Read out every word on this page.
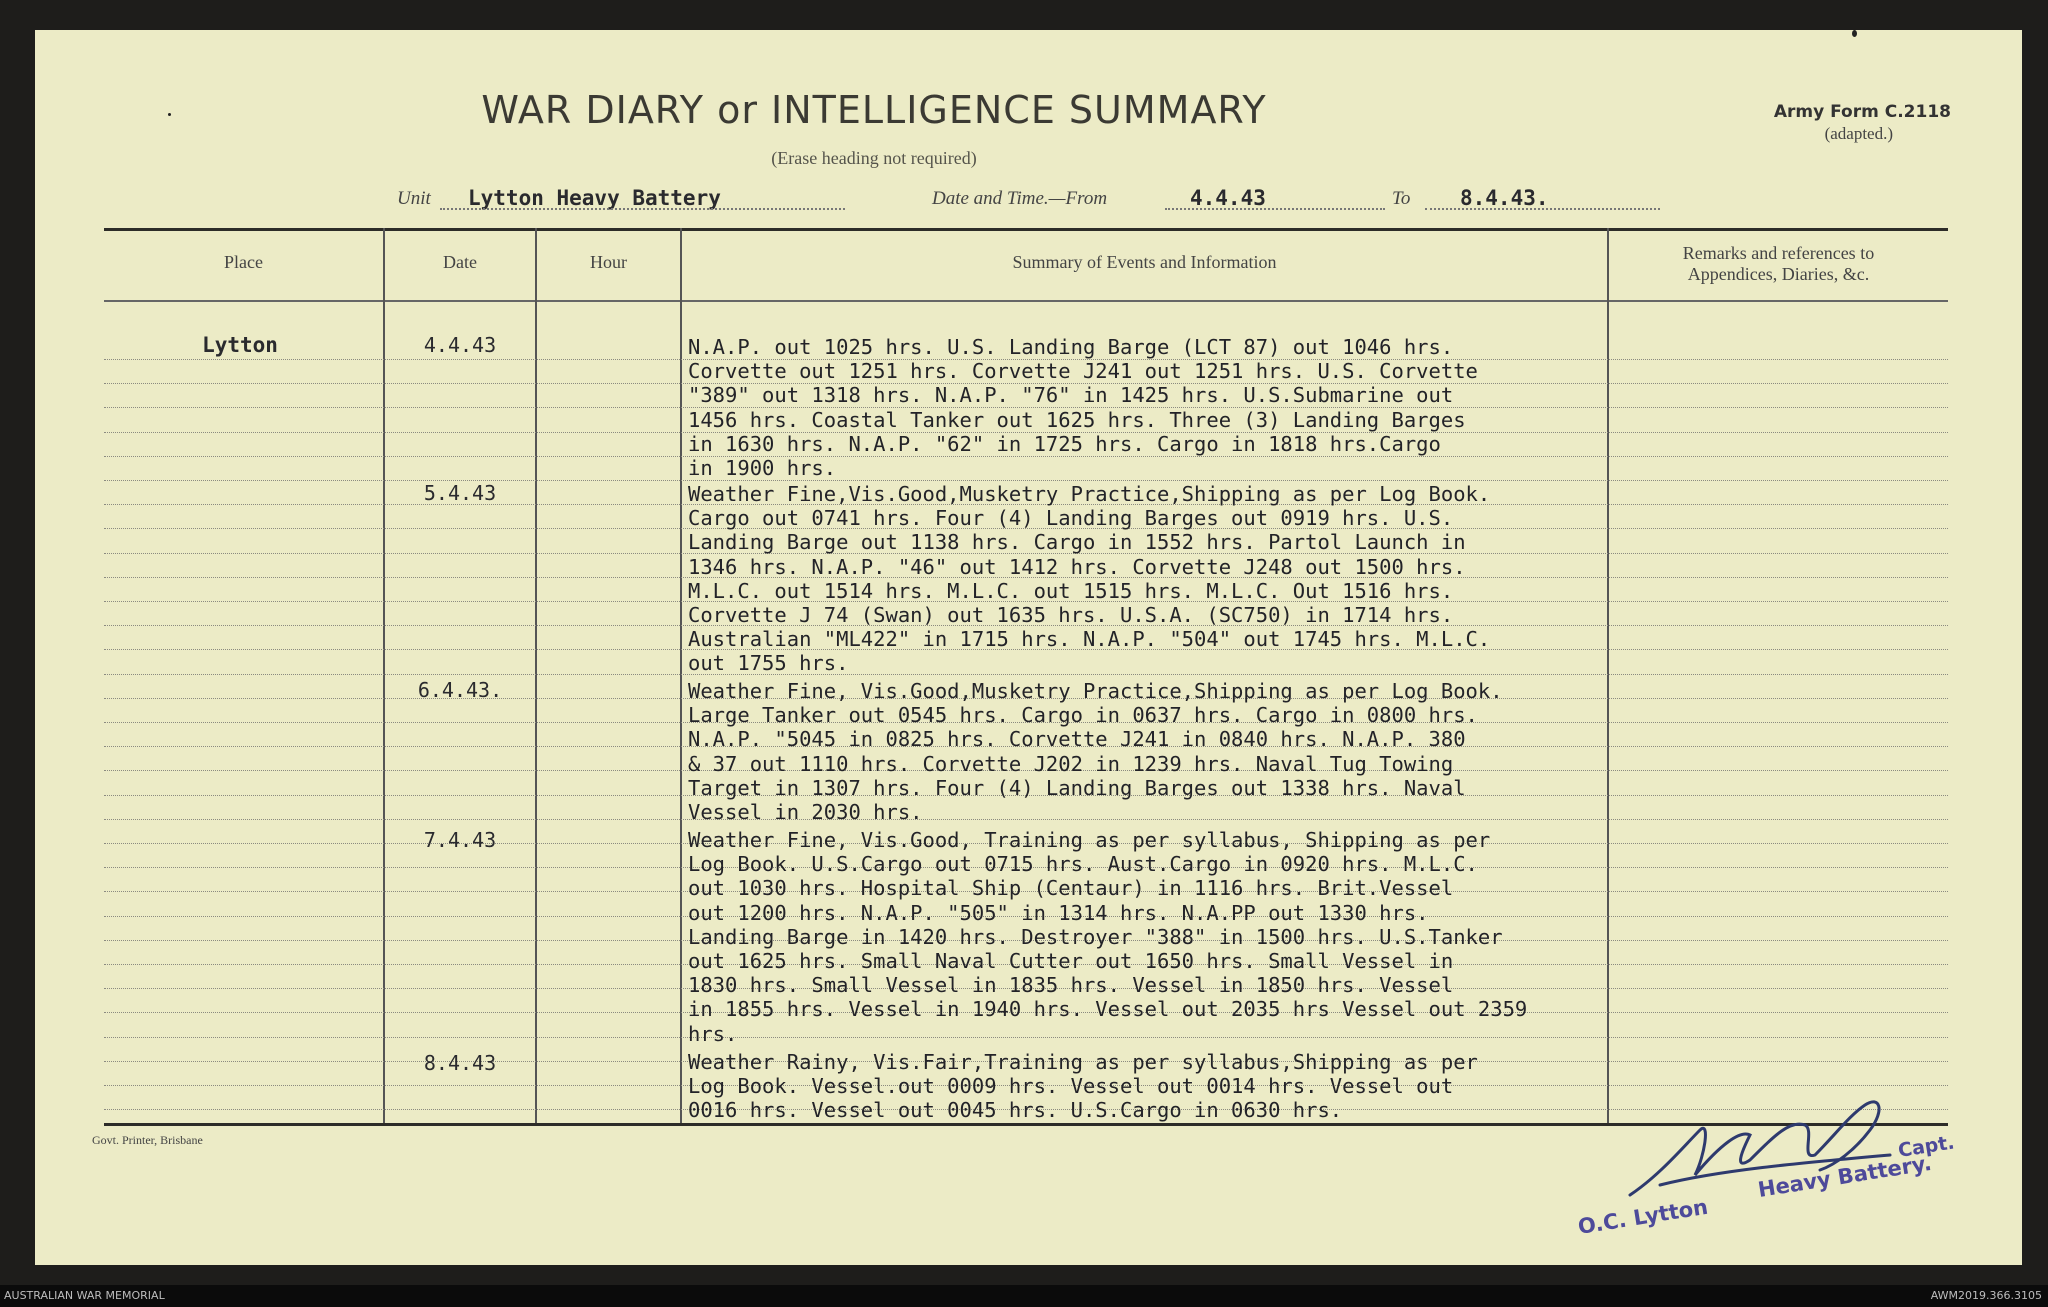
WAR DIARY or INTELLIGENCE SUMMARY
(Erase heading not required)
Army Form C.2118
(adapted.)
Unit Lytton Heavy Battery	Date and Time.—From	4.4.43	To 8.4.43.
Place	Date	Hour	Summary of Events and Information	Remarks and references to
Appendices, Diaries, &c.
Lytton	4.4.43	N.A.P. out 1025 hrs. U.S. Landing Barge (LCT 87) out 1046 hrs.
Corvette out 1251 hrs. Corvette J241 out 1251 hrs. U.S. Corvette
"389" out 1318 hrs. N.A.P. "76" in 1425 hrs. U.S.Submarine out
1456 hrs. Coastal Tanker out 1625 hrs. Three (3) Landing Barges
in 1630 hrs. N.A.P. "62" in 1725 hrs. Cargo in 1818 hrs.Cargo
in 1900 hrs.
5.4.43	Weather Fine,Vis.Good,Musketry Practice,Shipping as per Log Book.
Cargo out 0741 hrs. Four (4) Landing Barges out 0919 hrs. U.S.
Landing Barge out 1138 hrs. Cargo in 1552 hrs. Partol Launch in
1346 hrs. N.A.P. "46" out 1412 hrs. Corvette J248 out 1500 hrs.
M.L.C. out 1514 hrs. M.L.C. out 1515 hrs. M.L.C. Out 1516 hrs.
Corvette J 74 (Swan) out 1635 hrs. U.S.A. (SC750) in 1714 hrs.
Australian "ML422" in 1715 hrs. N.A.P. "504" out 1745 hrs. M.L.C.
out 1755 hrs.
6.4.43.	Weather Fine, Vis.Good,Musketry Practice,Shipping as per Log Book.
Large Tanker out 0545 hrs. Cargo in 0637 hrs. Cargo in 0800 hrs.
N.A.P. "5045 in 0825 hrs. Corvette J241 in 0840 hrs. N.A.P. 380
& 37 out 1110 hrs. Corvette J202 in 1239 hrs. Naval Tug Towing
Target in 1307 hrs. Four (4) Landing Barges out 1338 hrs. Naval
Vessel in 2030 hrs.
7.4.43	Weather Fine, Vis.Good, Training as per syllabus, Shipping as per
Log Book. U.S.Cargo out 0715 hrs. Aust.Cargo in 0920 hrs. M.L.C.
out 1030 hrs. Hospital Ship (Centaur) in 1116 hrs. Brit.Vessel
out 1200 hrs. N.A.P. "505" in 1314 hrs. N.A.PP out 1330 hrs.
Landing Barge in 1420 hrs. Destroyer "388" in 1500 hrs. U.S.Tanker
out 1625 hrs. Small Naval Cutter out 1650 hrs. Small Vessel in
1830 hrs. Small Vessel in 1835 hrs. Vessel in 1850 hrs. Vessel
in 1855 hrs. Vessel in 1940 hrs. Vessel out 2035 hrs Vessel out 2359
hrs.
8.4.43	Weather Rainy, Vis.Fair,Training as per syllabus,Shipping as per
Log Book. Vessel.out 0009 hrs. Vessel out 0014 hrs. Vessel out
0016 hrs. Vessel out 0045 hrs. U.S.Cargo in 0630 hrs.
Govt. Printer, Brisbane	Capt.
Heavy Battery.
O.C. Lytton
AUSTRALIAN WAR MEMORIAL	AWM2019.366.3105
